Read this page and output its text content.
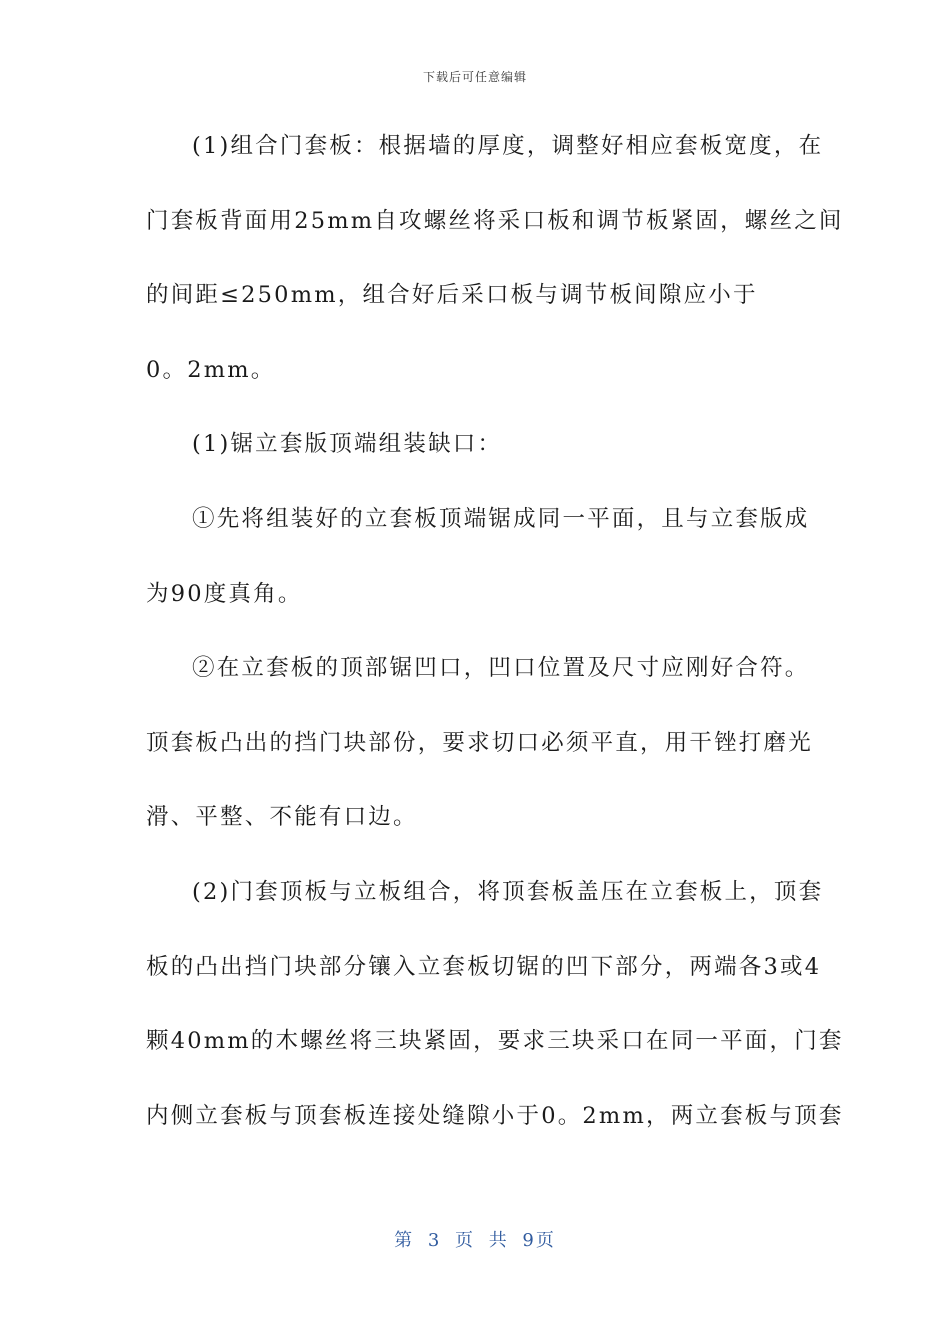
下载后可任意编辑
(1)组合门套板：根据墙的厚度，调整好相应套板宽度，在
门套板背面用25mm自攻螺丝将采口板和调节板紧固，螺丝之间
的间距≤250mm，组合好后采口板与调节板间隙应小于
0。2mm。
(1)锯立套版顶端组装缺口：
①先将组装好的立套板顶端锯成同一平面，且与立套版成
为90度真角。
②在立套板的顶部锯凹口，凹口位置及尺寸应刚好合符。
顶套板凸出的挡门块部份，要求切口必须平直，用干锉打磨光
滑、平整、不能有口边。
(2)门套顶板与立板组合，将顶套板盖压在立套板上，顶套
板的凸出挡门块部分镶入立套板切锯的凹下部分，两端各3或4
颗40mm的木螺丝将三块紧固，要求三块采口在同一平面，门套
内侧立套板与顶套板连接处缝隙小于0。2mm，两立套板与顶套
第 3 页 共 9页
